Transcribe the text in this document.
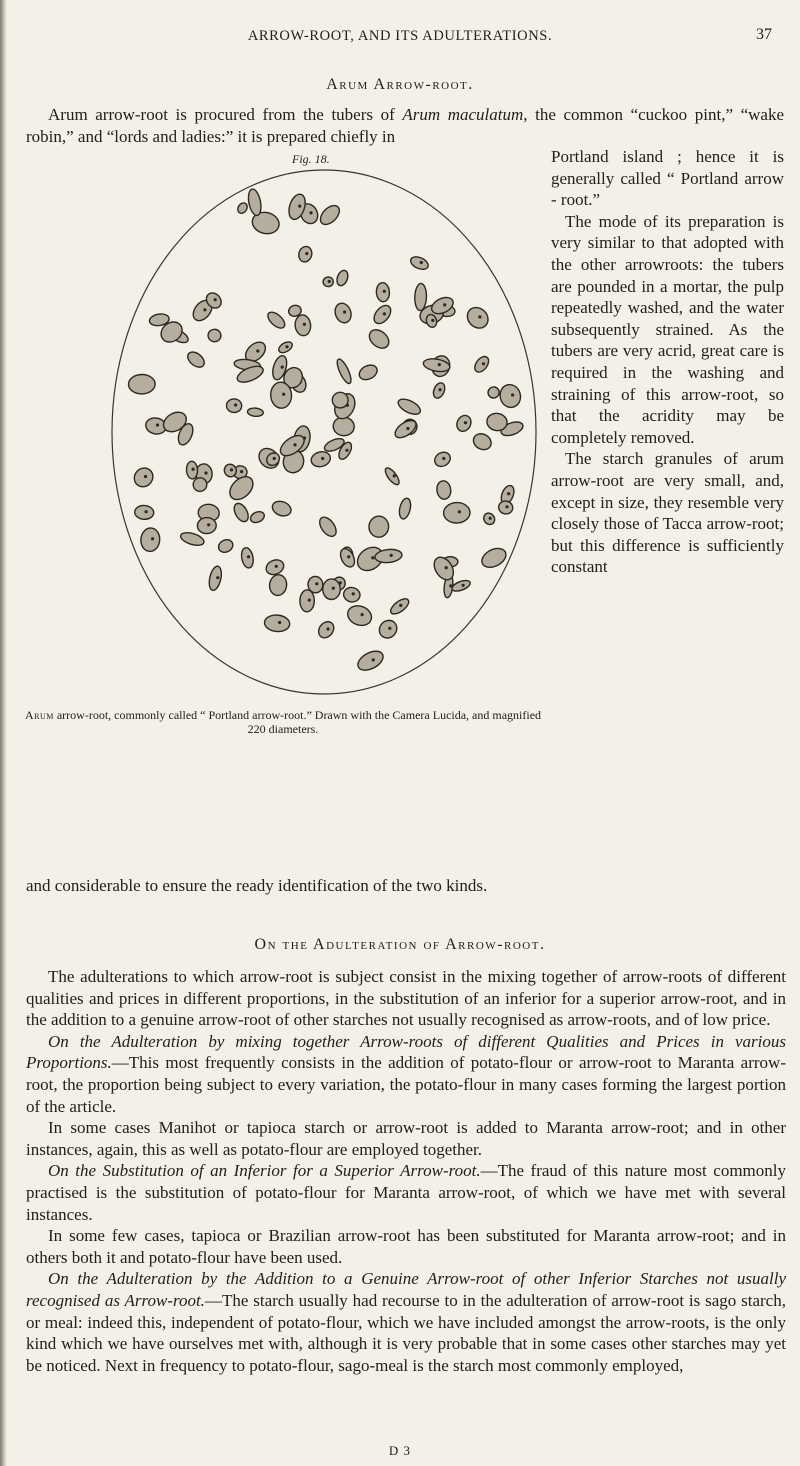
ARROW-ROOT, AND ITS ADULTERATIONS.	37
Arum Arrow-root.

Arum arrow-root is procured from the tubers of Arum maculatum, the common “cuckoo pint,” “wake robin,” and “lords and ladies:” it is prepared chiefly in

Fig. 18.	Portland island ; hence it is generally called “ Portland arrow - root.”

The mode of its preparation is very similar to that adopted with the other arrowroots: the tubers are pounded in a mortar, the pulp repeatedly washed, and the water subsequently strained. As the tubers are very acrid, great care is required in the washing and straining of this arrow-root, so that the acridity may be completely removed.

The starch granules of arum arrow-root are very small, and, except in size, they resemble very closely those of Tacca arrow-root; but this difference is sufficiently constant

Arum arrow-root, commonly called “ Portland arrow-root.” Drawn with the Camera Lucida, and magnified 220 diameters.

and considerable to ensure the ready identification of the two kinds.

On the Adulteration of Arrow-root.

The adulterations to which arrow-root is subject consist in the mixing together of arrow-roots of different qualities and prices in different proportions, in the substitution of an inferior for a superior arrow-root, and in the addition to a genuine arrow-root of other starches not usually recognised as arrow-roots, and of low price.

On the Adulteration by mixing together Arrow-roots of different Qualities and Prices in various Proportions.—This most frequently consists in the addition of potato-flour or arrow-root to Maranta arrow-root, the proportion being subject to every variation, the potato-flour in many cases forming the largest portion of the article.

In some cases Manihot or tapioca starch or arrow-root is added to Maranta arrow-root; and in other instances, again, this as well as potato-flour are employed together.

On the Substitution of an Inferior for a Superior Arrow-root.—The fraud of this nature most commonly practised is the substitution of potato-flour for Maranta arrow-root, of which we have met with several instances.

In some few cases, tapioca or Brazilian arrow-root has been substituted for Maranta arrow-root; and in others both it and potato-flour have been used.

On the Adulteration by the Addition to a Genuine Arrow-root of other Inferior Starches not usually recognised as Arrow-root.—The starch usually had recourse to in the adulteration of arrow-root is sago starch, or meal: indeed this, independent of potato-flour, which we have included amongst the arrow-roots, is the only kind which we have ourselves met with, although it is very probable that in some cases other starches may yet be noticed. Next in frequency to potato-flour, sago-meal is the starch most commonly employed,

D 3
